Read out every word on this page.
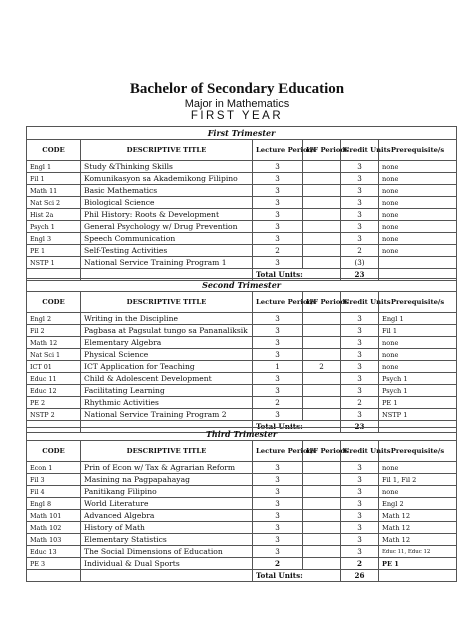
Bachelor of Secondary Education
Major in Mathematics
FIRST YEAR
First Trimester					
CODE	DESCRIPTIVE TITLE	Lecture Periods	L/F Periods	Credit Units	Prerequisite/s
Engl 1	Study &Thinking Skills	3		3	none
Fil 1	Komunikasyon sa Akademikong Filipino	3		3	none
Math 11	Basic Mathematics	3		3	none
Nat Sci 2	Biological Science	3		3	none
Hist 2a	Phil History: Roots & Development	3		3	none
Psych 1	General Psychology w/ Drug Prevention	3		3	none
Engl 3	Speech Communication	3		3	none
PE 1	Self-Testing Activities	2		2	none
NSTP 1	National Service Training Program 1	3		(3)	
		Total Units:		23	
Second Trimester					
CODE	DESCRIPTIVE TITLE	Lecture Periods	L/F Periods	Credit Units	Prerequisite/s
Engl 2	Writing in the Discipline	3		3	Engl 1
Fil 2	Pagbasa at Pagsulat tungo sa Pananaliksik	3		3	Fil 1
Math 12	Elementary Algebra	3		3	none
Nat Sci 1	Physical Science	3		3	none
ICT 01	ICT Application for Teaching	1	2	3	none
Educ 11	Child & Adolescent Development	3		3	Psych 1
Educ 12	Facilitating Learning	3		3	Psych 1
PE 2	Rhythmic Activities	2		2	PE 1
NSTP 2	National Service Training Program 2	3		3	NSTP 1
		Total Units:		23	
Third Trimester					
CODE	DESCRIPTIVE TITLE	Lecture Periods	L/F Periods	Credit Units	Prerequisite/s
Econ 1	Prin of Econ w/ Tax & Agrarian Reform	3		3	none
Fil 3	Masining na Pagpapahayag	3		3	Fil 1, Fil 2
Fil 4	Panitikang Filipino	3		3	none
Engl 8	World Literature	3		3	Engl 2
Math 101	Advanced Algebra	3		3	Math 12
Math 102	History of Math	3		3	Math 12
Math 103	Elementary Statistics	3		3	Math 12
Educ 13	The Social Dimensions of Education	3		3	Educ 11, Educ 12
PE 3	Individual & Dual Sports	2		2	PE 1
		Total Units:		26	
